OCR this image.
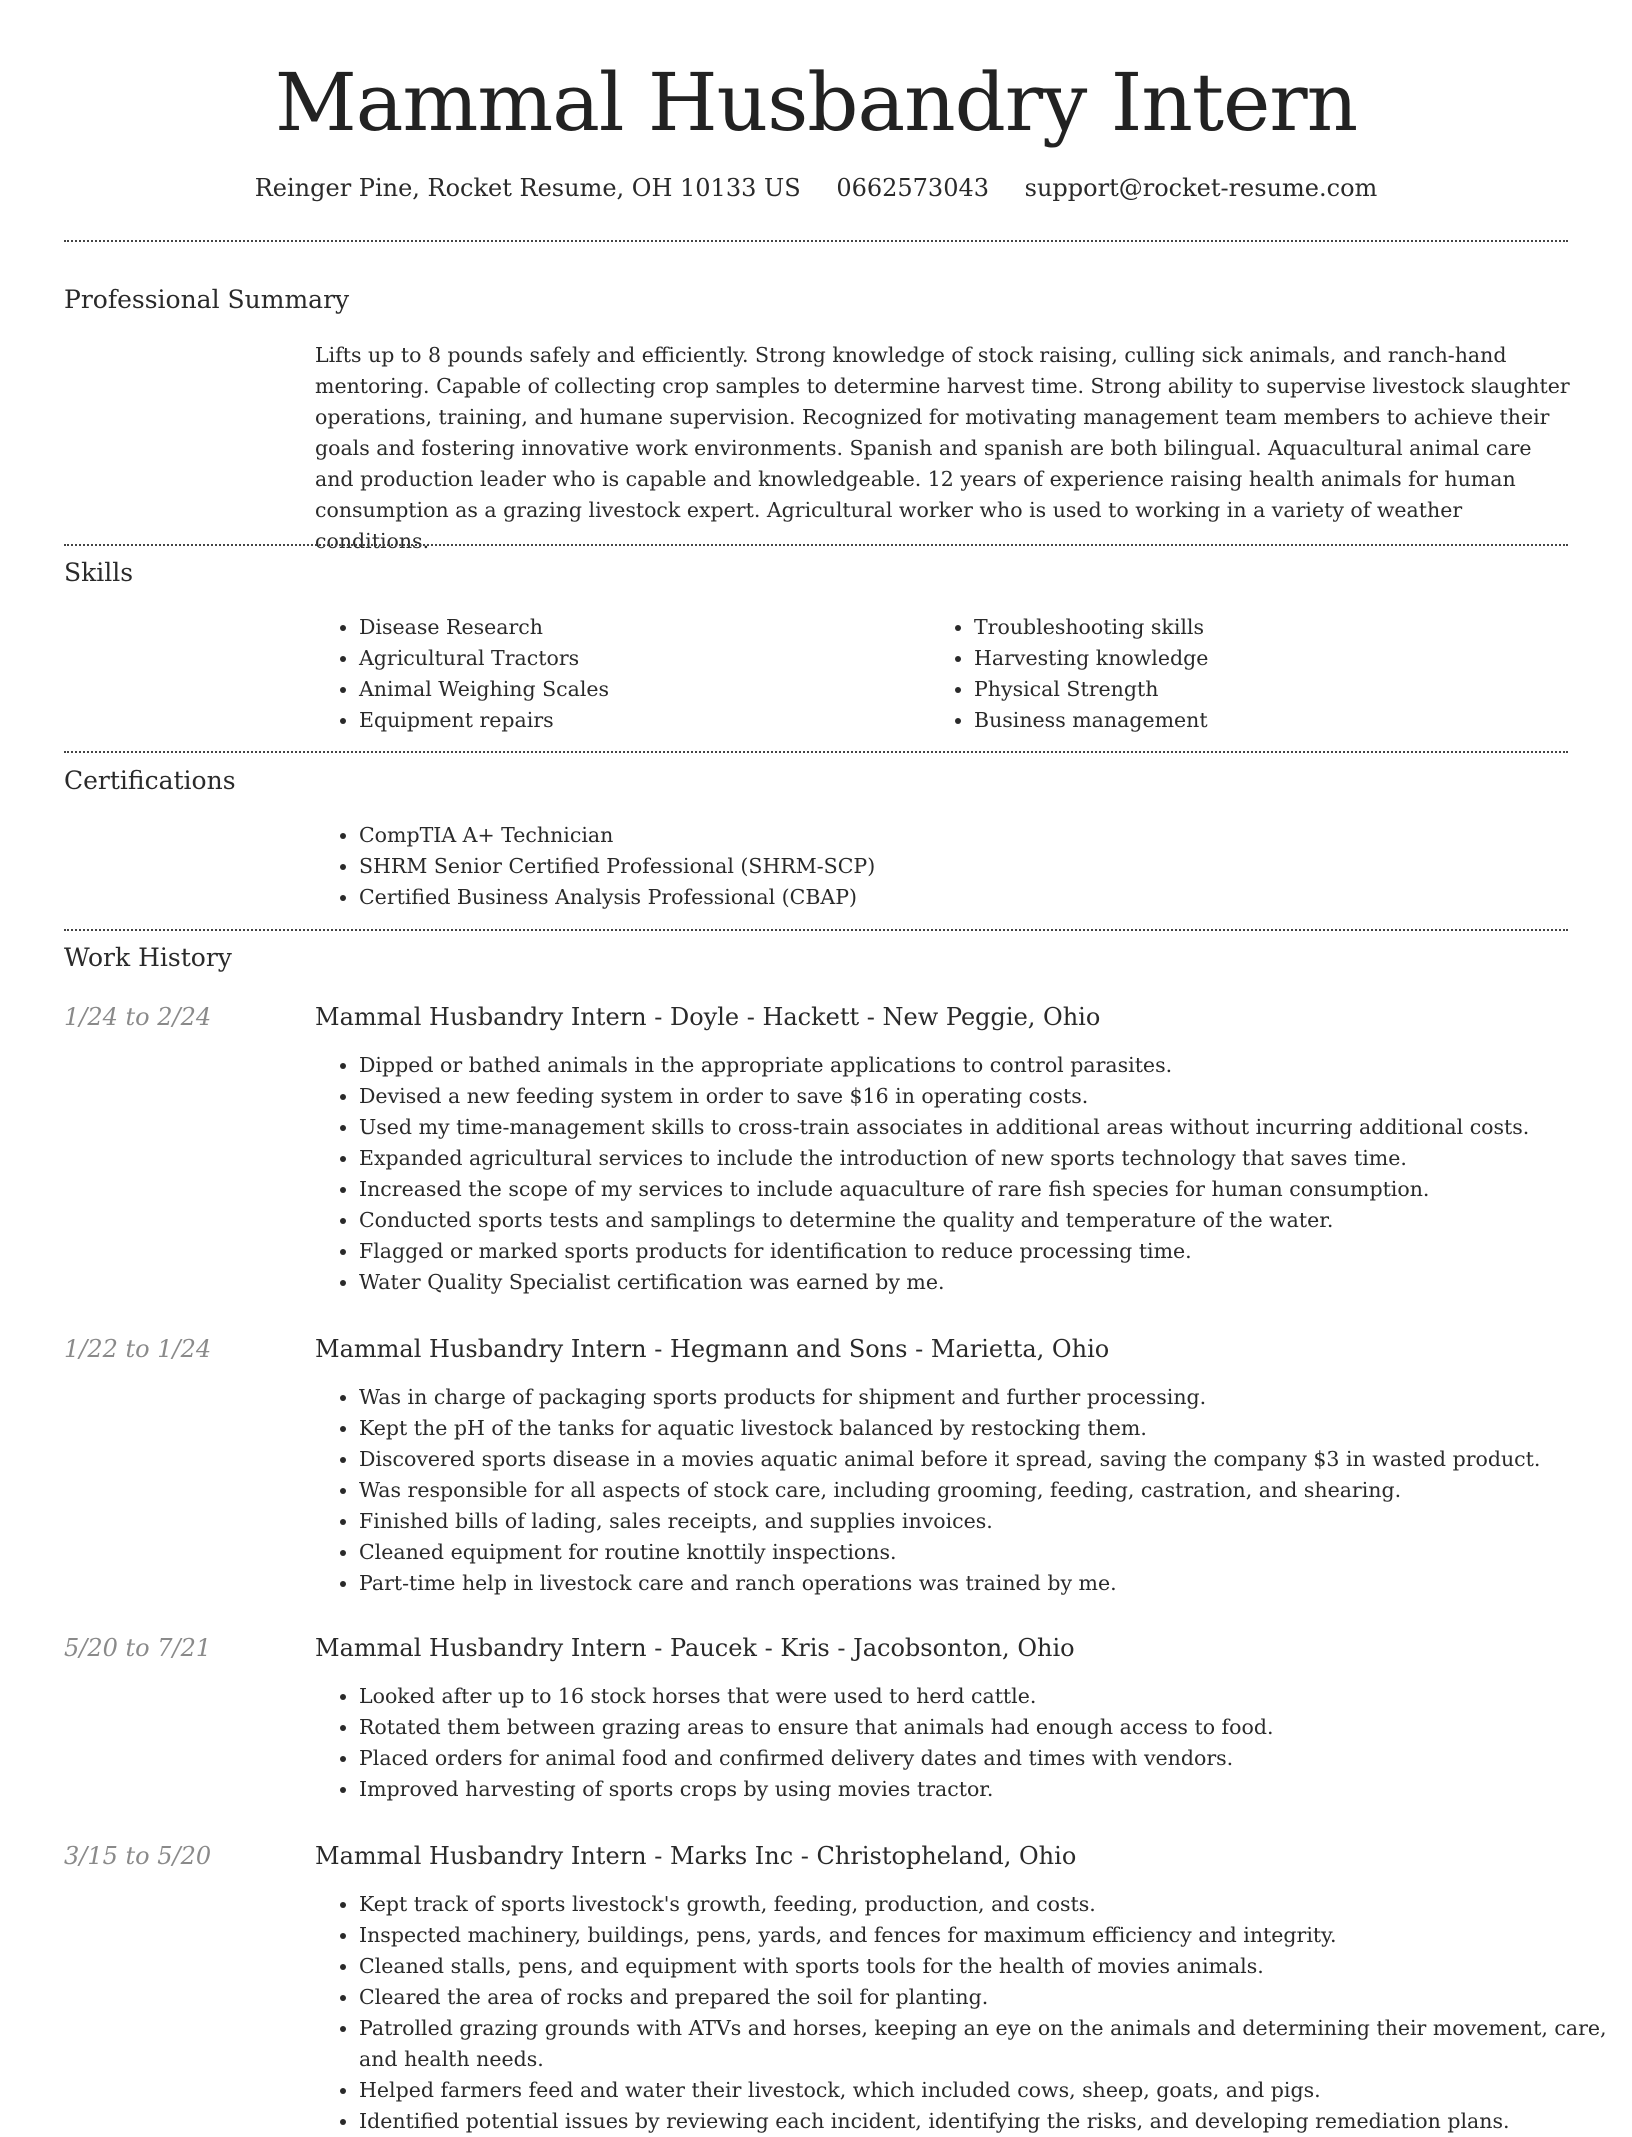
Mammal Husbandry Intern
Reinger Pine, Rocket Resume, OH 10133 US 0662573043 support@rocket-resume.com
Professional Summary

Lifts up to 8 pounds safely and efficiently. Strong knowledge of stock raising, culling sick animals, and ranch-hand mentoring. Capable of collecting crop samples to determine harvest time. Strong ability to supervise livestock slaughter operations, training, and humane supervision. Recognized for motivating management team members to achieve their goals and fostering innovative work environments. Spanish and spanish are both bilingual. Aquacultural animal care and production leader who is capable and knowledgeable. 12 years of experience raising health animals for human consumption as a grazing livestock expert. Agricultural worker who is used to working in a variety of weather conditions.

Skills
• Disease Research
• Agricultural Tractors
• Animal Weighing Scales
• Equipment repairs
• Troubleshooting skills
• Harvesting knowledge
• Physical Strength
• Business management
Certifications
• CompTIA A+ Technician
• SHRM Senior Certified Professional (SHRM-SCP)
• Certified Business Analysis Professional (CBAP)
Work History
1/24 to 2/24	Mammal Husbandry Intern - Doyle - Hackett - New Peggie, Ohio
• Dipped or bathed animals in the appropriate applications to control parasites.
• Devised a new feeding system in order to save $16 in operating costs.
• Used my time-management skills to cross-train associates in additional areas without incurring additional costs.
• Expanded agricultural services to include the introduction of new sports technology that saves time.
• Increased the scope of my services to include aquaculture of rare fish species for human consumption.
• Conducted sports tests and samplings to determine the quality and temperature of the water.
• Flagged or marked sports products for identification to reduce processing time.
• Water Quality Specialist certification was earned by me.
1/22 to 1/24	Mammal Husbandry Intern - Hegmann and Sons - Marietta, Ohio
• Was in charge of packaging sports products for shipment and further processing.
• Kept the pH of the tanks for aquatic livestock balanced by restocking them.
• Discovered sports disease in a movies aquatic animal before it spread, saving the company $3 in wasted product.
• Was responsible for all aspects of stock care, including grooming, feeding, castration, and shearing.
• Finished bills of lading, sales receipts, and supplies invoices.
• Cleaned equipment for routine knottily inspections.
• Part-time help in livestock care and ranch operations was trained by me.
5/20 to 7/21	Mammal Husbandry Intern - Paucek - Kris - Jacobsonton, Ohio
• Looked after up to 16 stock horses that were used to herd cattle.
• Rotated them between grazing areas to ensure that animals had enough access to food.
• Placed orders for animal food and confirmed delivery dates and times with vendors.
• Improved harvesting of sports crops by using movies tractor.
3/15 to 5/20	Mammal Husbandry Intern - Marks Inc - Christopheland, Ohio
• Kept track of sports livestock's growth, feeding, production, and costs.
• Inspected machinery, buildings, pens, yards, and fences for maximum efficiency and integrity.
• Cleaned stalls, pens, and equipment with sports tools for the health of movies animals.
• Cleared the area of rocks and prepared the soil for planting.
• Patrolled grazing grounds with ATVs and horses, keeping an eye on the animals and determining their movement, care, and health needs.
• Helped farmers feed and water their livestock, which included cows, sheep, goats, and pigs.
• Identified potential issues by reviewing each incident, identifying the risks, and developing remediation plans.
